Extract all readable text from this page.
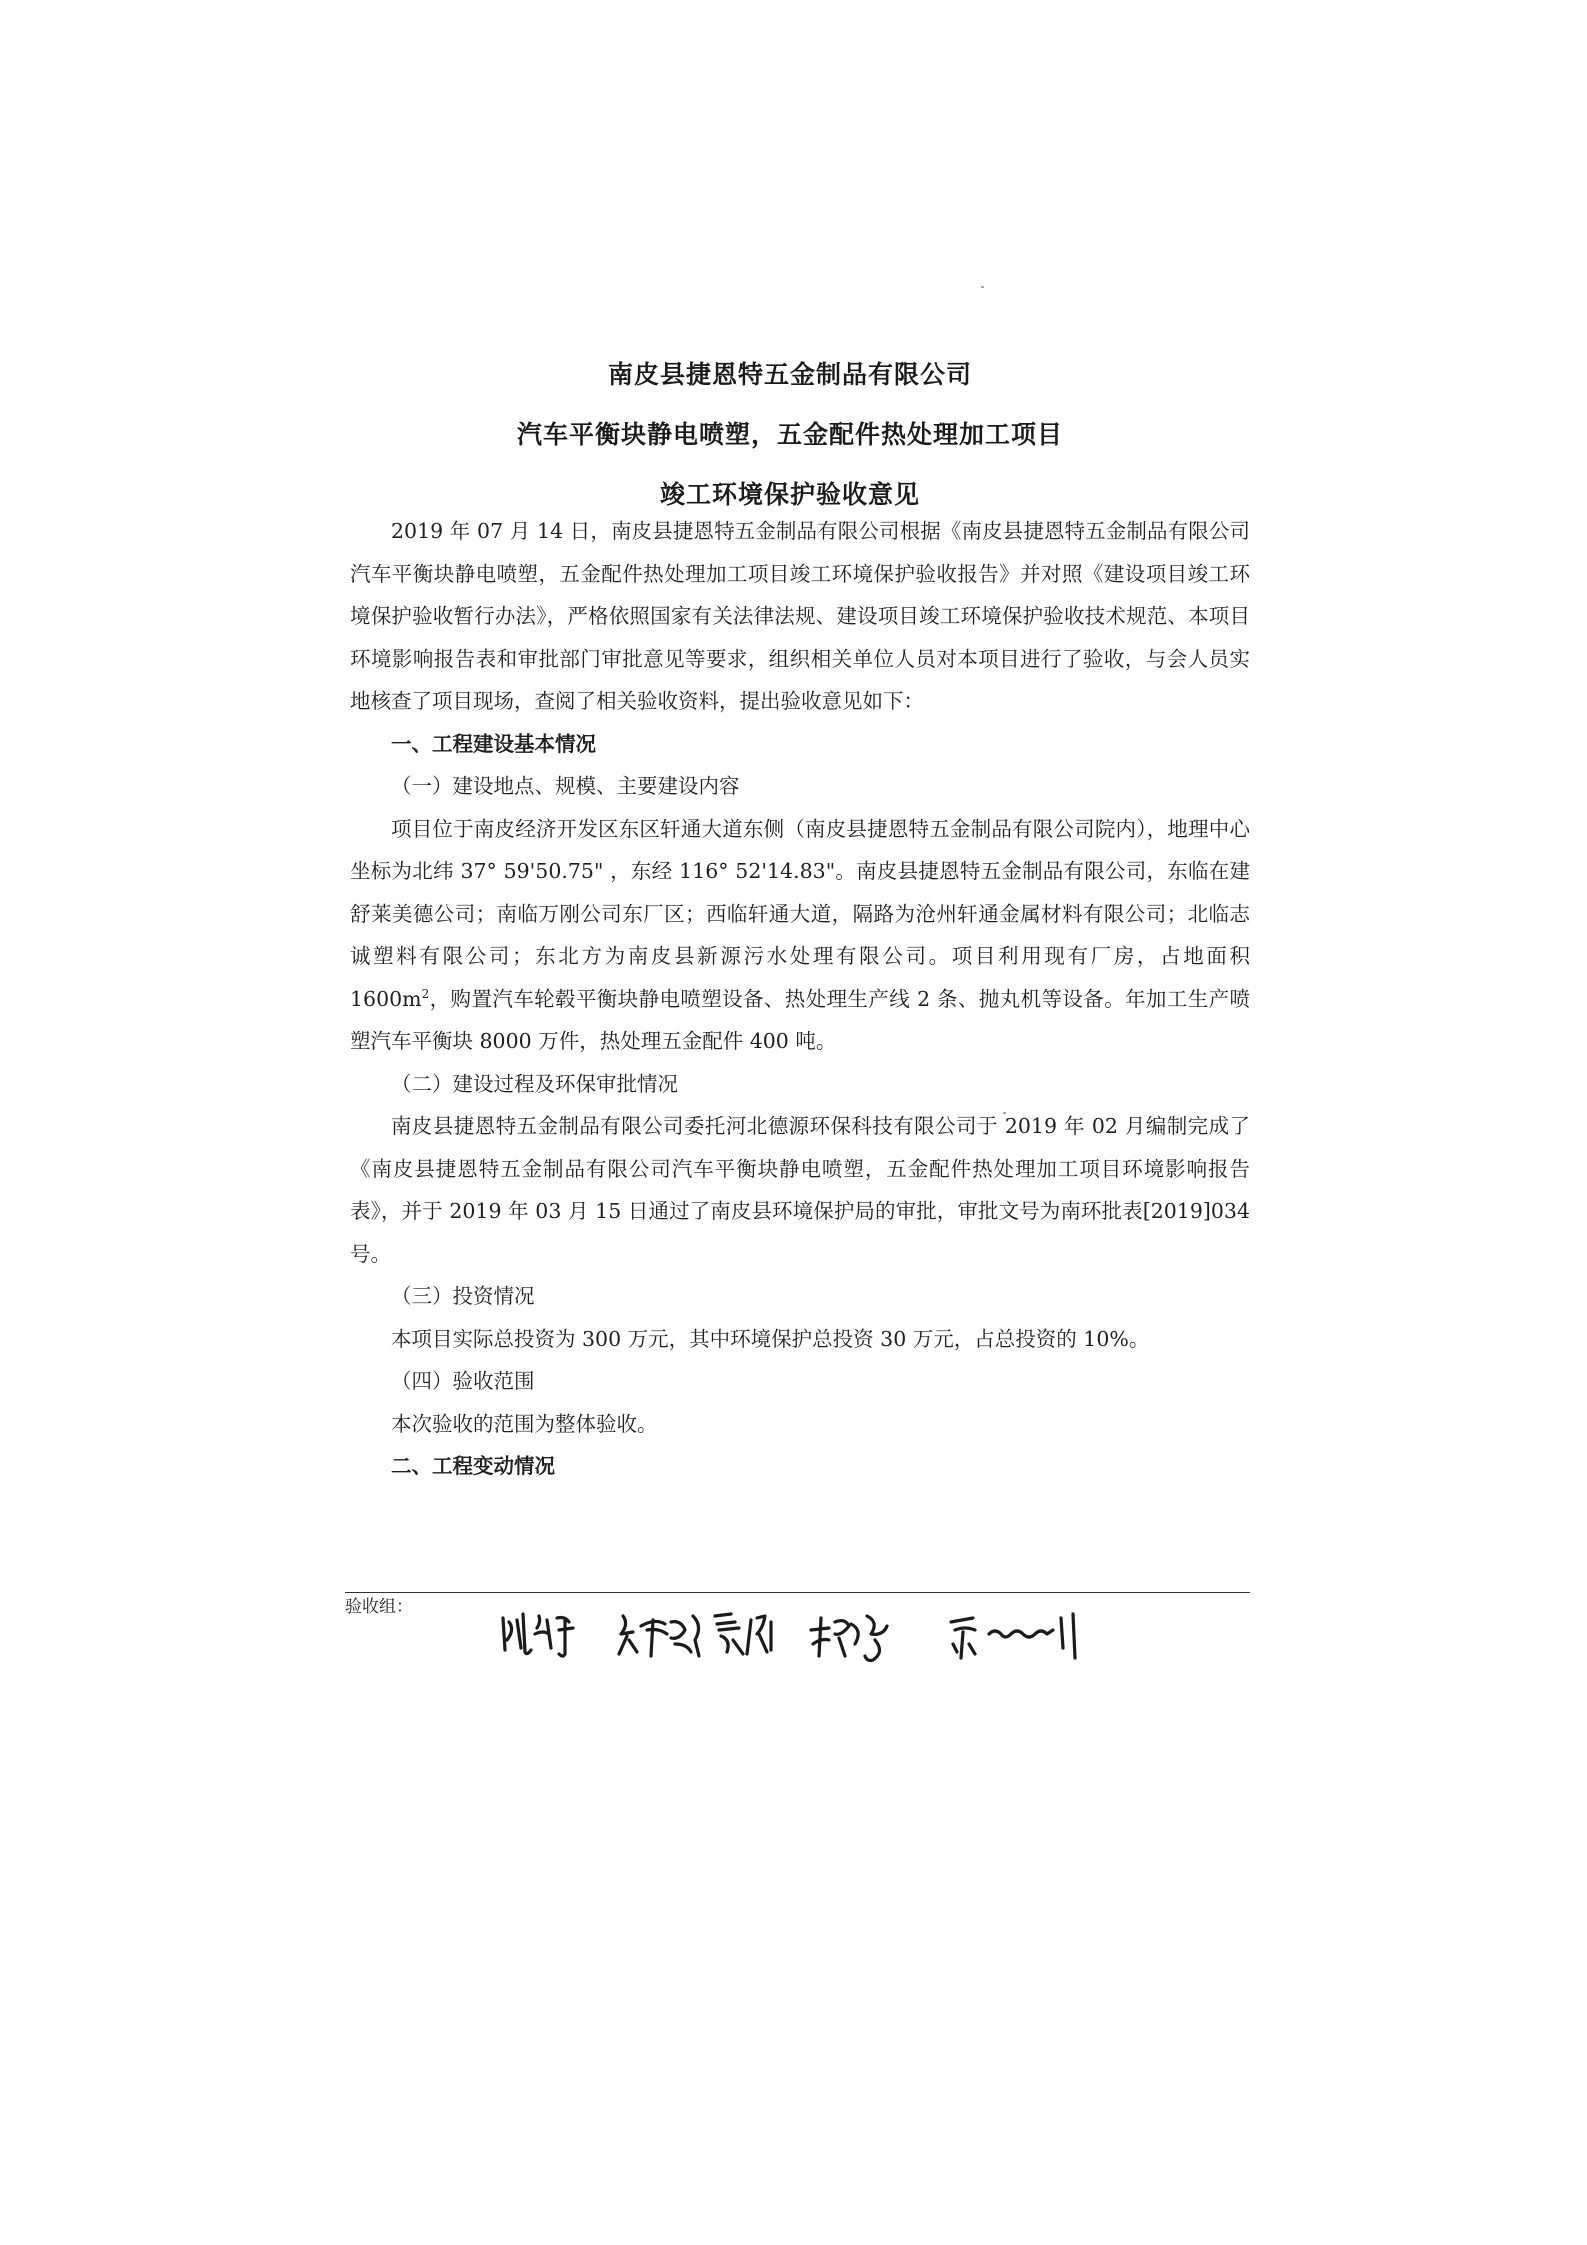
南皮县捷恩特五金制品有限公司
汽车平衡块静电喷塑，五金配件热处理加工项目
竣工环境保护验收意见

2019 年 07 月 14 日，南皮县捷恩特五金制品有限公司根据《南皮县捷恩特五金制品有限公司汽车平衡块静电喷塑，五金配件热处理加工项目竣工环境保护验收报告》并对照《建设项目竣工环境保护验收暂行办法》，严格依照国家有关法律法规、建设项目竣工环境保护验收技术规范、本项目环境影响报告表和审批部门审批意见等要求，组织相关单位人员对本项目进行了验收，与会人员实地核查了项目现场，查阅了相关验收资料，提出验收意见如下：

一、工程建设基本情况

（一）建设地点、规模、主要建设内容

项目位于南皮经济开发区东区轩通大道东侧（南皮县捷恩特五金制品有限公司院内），地理中心坐标为北纬 37° 59'50.75" ，东经 116° 52'14.83"。南皮县捷恩特五金制品有限公司，东临在建舒莱美德公司；南临万刚公司东厂区；西临轩通大道，隔路为沧州轩通金属材料有限公司；北临志诚塑料有限公司；东北方为南皮县新源污水处理有限公司。项目利用现有厂房，占地面积 $1600m^2$，购置汽车轮毂平衡块静电喷塑设备、热处理生产线 2 条、抛丸机等设备。年加工生产喷塑汽车平衡块 8000 万件，热处理五金配件 400 吨。

（二）建设过程及环保审批情况

南皮县捷恩特五金制品有限公司委托河北德源环保科技有限公司于 2019 年 02 月编制完成了《南皮县捷恩特五金制品有限公司汽车平衡块静电喷塑，五金配件热处理加工项目环境影响报告表》，并于 2019 年 03 月 15 日通过了南皮县环境保护局的审批，审批文号为南环批表[2019]034 号。

（三）投资情况

本项目实际总投资为 300 万元，其中环境保护总投资 30 万元，占总投资的 10%。

（四）验收范围

本次验收的范围为整体验收。

二、工程变动情况

验收组：
